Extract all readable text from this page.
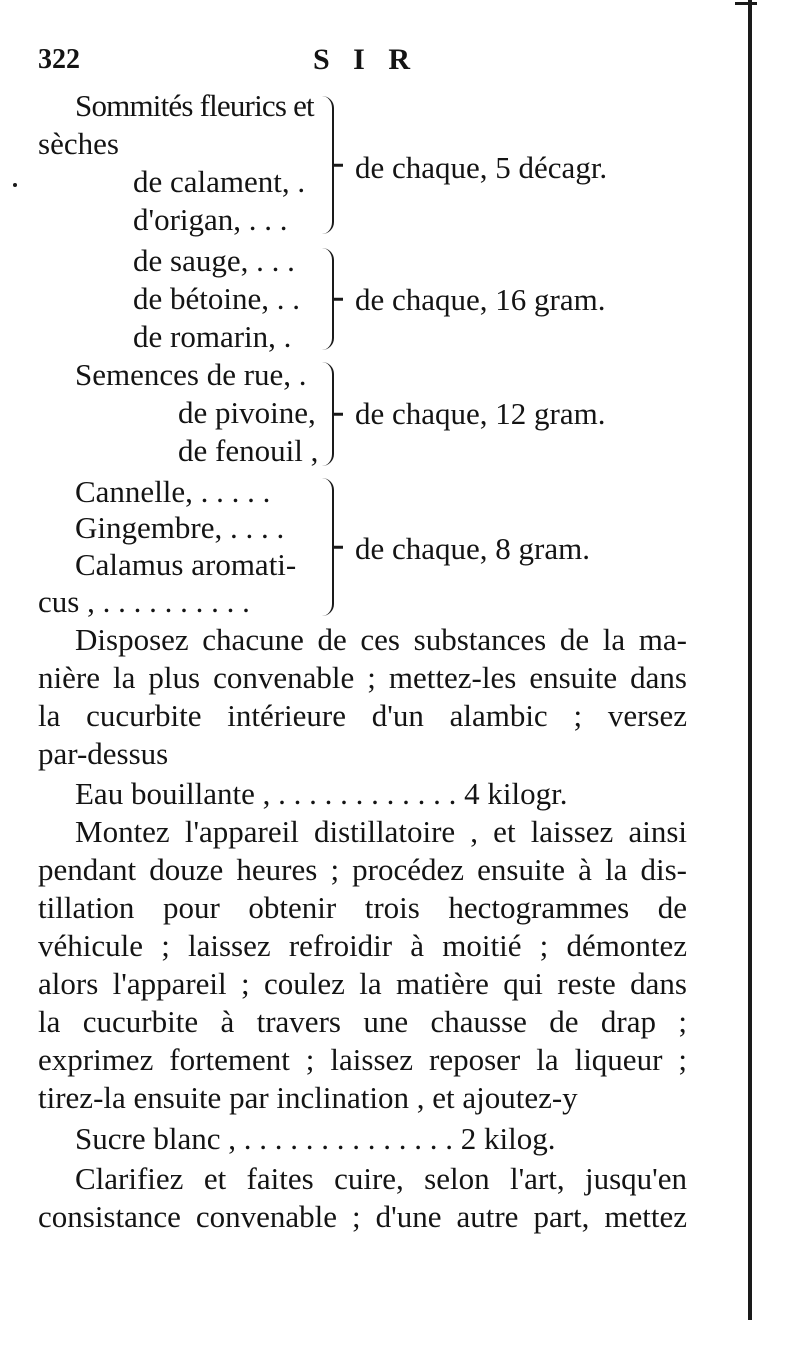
322	S I R
Sommités fleurics et
sèches
de calament, .
d'origan, . . .
de chaque, 5 décagr.
de sauge, . . .
de bétoine, . .
de romarin, .
de chaque, 16 gram.
Semences de rue, .
de pivoine,
de fenouil ,
de chaque, 12 gram.
Cannelle, . . . . .
Gingembre, . . . .
Calamus aromati-
cus , . . . . . . . . . .
de chaque, 8 gram.
Disposez chacune de ces substances de la ma-
nière la plus convenable ; mettez-les ensuite dans
la cucurbite intérieure d'un alambic ; versez
par-dessus
Eau bouillante , . . . . . . . . . . . . 4 kilogr.
Montez l'appareil distillatoire , et laissez ainsi
pendant douze heures ; procédez ensuite à la dis-
tillation pour obtenir trois hectogrammes de
véhicule ; laissez refroidir à moitié ; démontez
alors l'appareil ; coulez la matière qui reste dans
la cucurbite à travers une chausse de drap ;
exprimez fortement ; laissez reposer la liqueur ;
tirez-la ensuite par inclination , et ajoutez-y
Sucre blanc , . . . . . . . . . . . . . . 2 kilog.
Clarifiez et faites cuire, selon l'art, jusqu'en
consistance convenable ; d'une autre part, mettez
